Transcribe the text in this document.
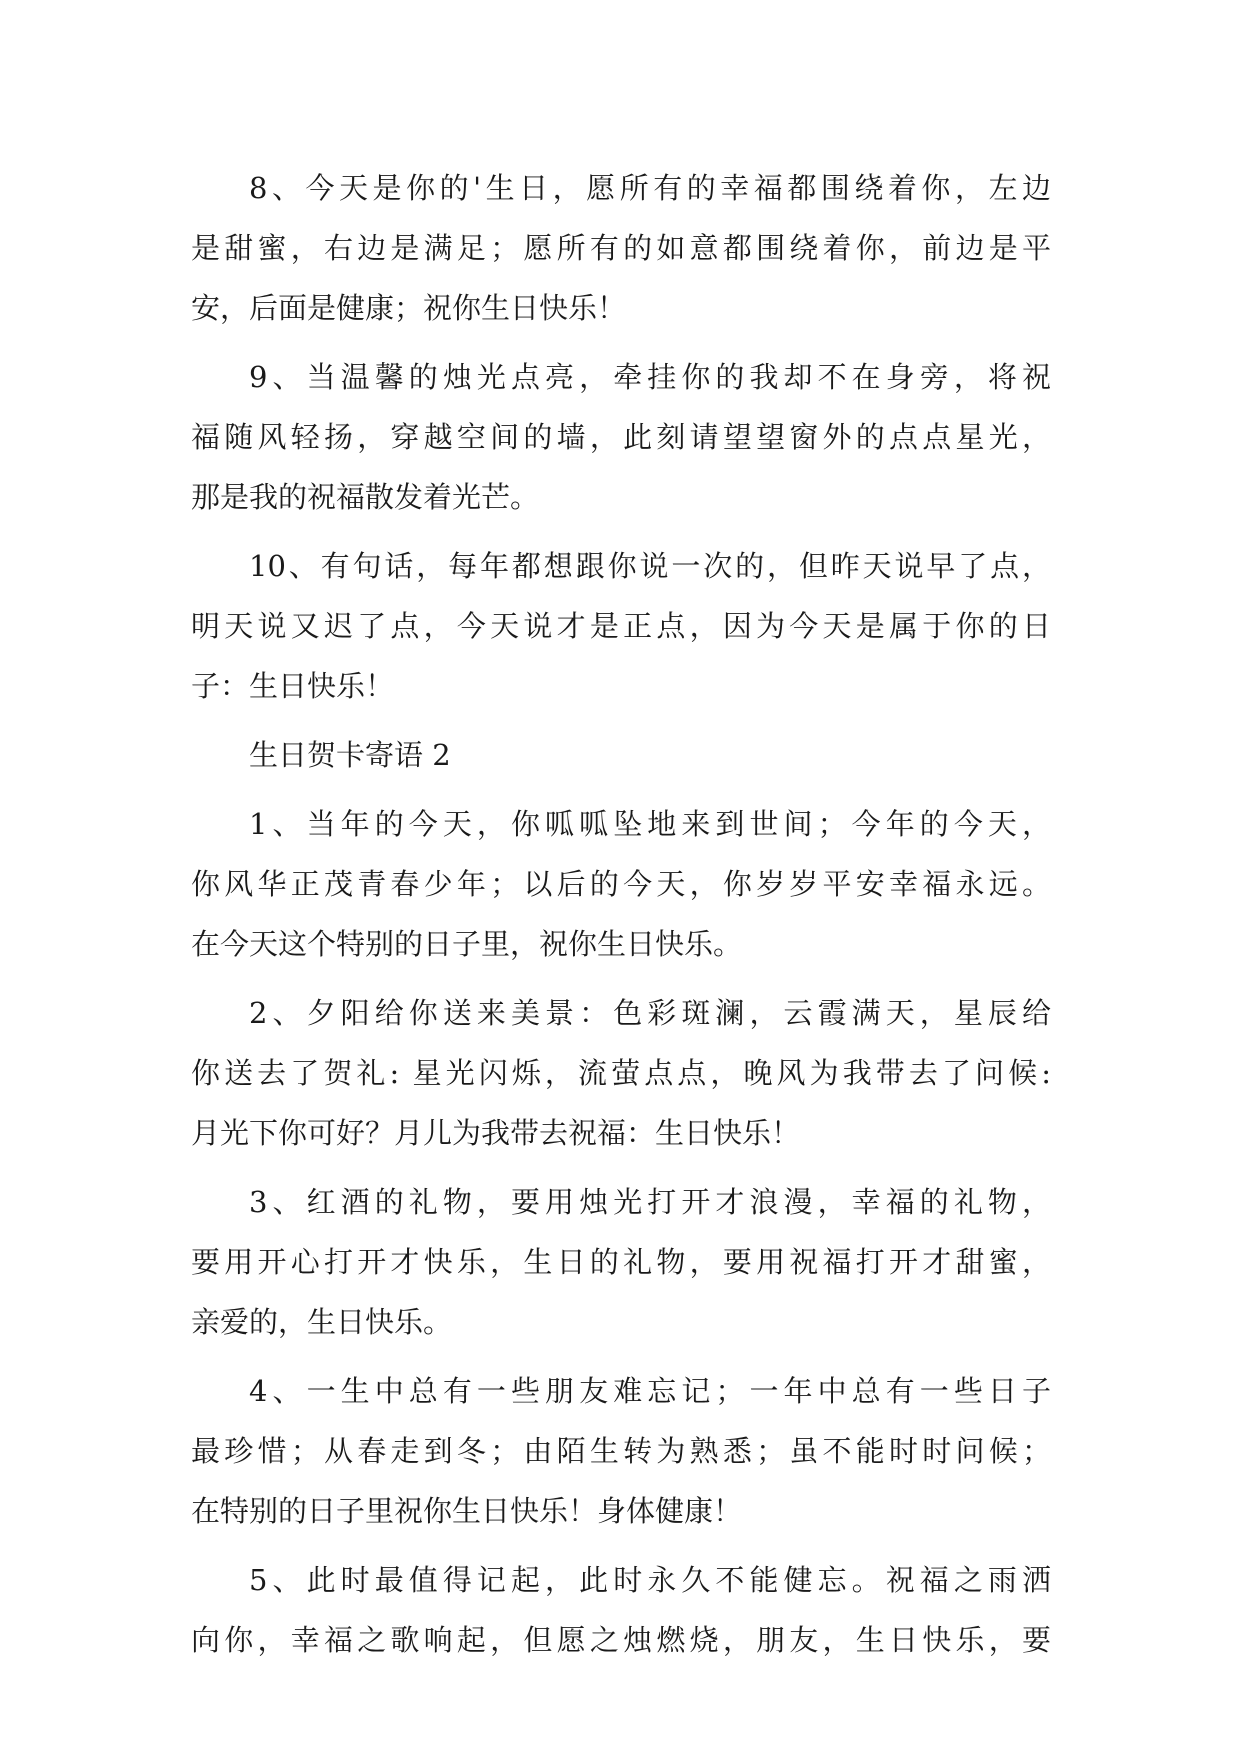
8、今天是你的'生日，愿所有的幸福都围绕着你，左边
是甜蜜，右边是满足；愿所有的如意都围绕着你，前边是平
安，后面是健康；祝你生日快乐！
9、当温馨的烛光点亮，牵挂你的我却不在身旁，将祝
福随风轻扬，穿越空间的墙，此刻请望望窗外的点点星光，
那是我的祝福散发着光芒。
10、有句话，每年都想跟你说一次的，但昨天说早了点，
明天说又迟了点，今天说才是正点，因为今天是属于你的日
子：生日快乐！
生日贺卡寄语 2
1、当年的今天，你呱呱坠地来到世间；今年的今天，
你风华正茂青春少年；以后的今天，你岁岁平安幸福永远。
在今天这个特别的日子里，祝你生日快乐。
2、夕阳给你送来美景：色彩斑澜，云霞满天，星辰给
你送去了贺礼: 星光闪烁，流萤点点，晚风为我带去了问候:
月光下你可好？月儿为我带去祝福：生日快乐！
3、红酒的礼物，要用烛光打开才浪漫，幸福的礼物，
要用开心打开才快乐，生日的礼物，要用祝福打开才甜蜜，
亲爱的，生日快乐。
4、一生中总有一些朋友难忘记；一年中总有一些日子
最珍惜；从春走到冬；由陌生转为熟悉；虽不能时时问候；
在特别的日子里祝你生日快乐！身体健康！
5、此时最值得记起，此时永久不能健忘。祝福之雨洒
向你，幸福之歌响起，但愿之烛燃烧，朋友，生日快乐，要
